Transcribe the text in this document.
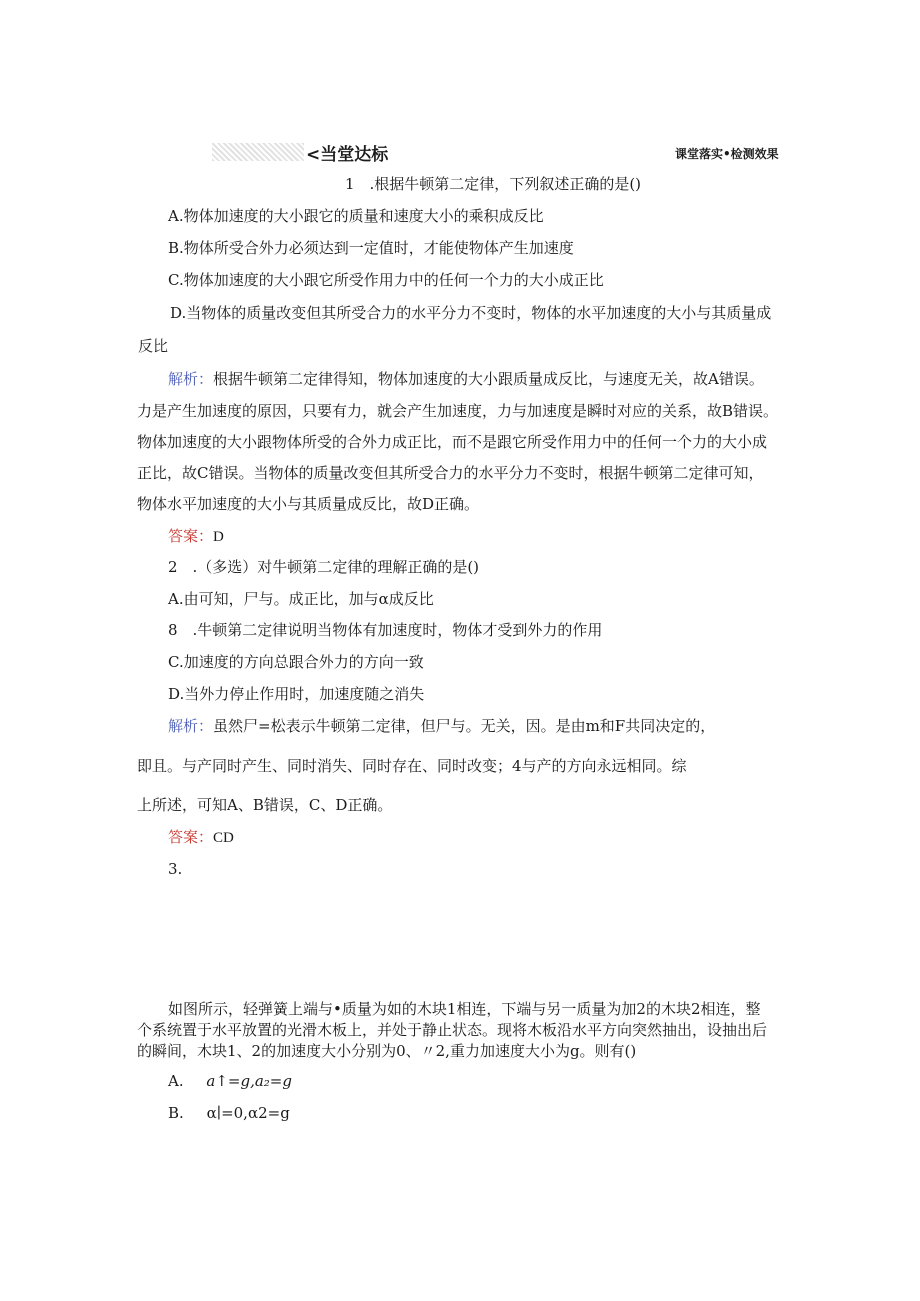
<当堂达标	课堂落实•检测效果
1　.根据牛顿第二定律，下列叙述正确的是()
A.物体加速度的大小跟它的质量和速度大小的乘积成反比
B.物体所受合外力必须达到一定值时，才能使物体产生加速度
C.物体加速度的大小跟它所受作用力中的任何一个力的大小成正比
D.当物体的质量改变但其所受合力的水平分力不变时，物体的水平加速度的大小与其质量成
反比
解析：根据牛顿第二定律得知，物体加速度的大小跟质量成反比，与速度无关，故A错误。
力是产生加速度的原因，只要有力，就会产生加速度，力与加速度是瞬时对应的关系，故B错误。
物体加速度的大小跟物体所受的合外力成正比，而不是跟它所受作用力中的任何一个力的大小成
正比，故C错误。当物体的质量改变但其所受合力的水平分力不变时，根据牛顿第二定律可知，
物体水平加速度的大小与其质量成反比，故D正确。
答案：D
2　.（多选）对牛顿第二定律的理解正确的是()
A.由可知，尸与。成正比，加与α成反比
8　.牛顿第二定律说明当物体有加速度时，物体才受到外力的作用
C.加速度的方向总跟合外力的方向一致
D.当外力停止作用时，加速度随之消失
解析：虽然尸=松表示牛顿第二定律，但尸与。无关，因。是由m和F共同决定的，
即且。与产同时产生、同时消失、同时存在、同时改变；4与产的方向永远相同。综
上所述，可知A、B错误，C、D正确。
答案：CD
3.
如图所示，轻弹簧上端与•质量为如的木块1相连，下端与另一质量为加2的木块2相连，整
个系统置于水平放置的光滑木板上，并处于静止状态。现将木板沿水平方向突然抽出，设抽出后
的瞬间，木块1、2的加速度大小分别为0、〃2,重力加速度大小为g。则有()
A. a↑=g,a₂=g
B. α∣=0,α2=g
